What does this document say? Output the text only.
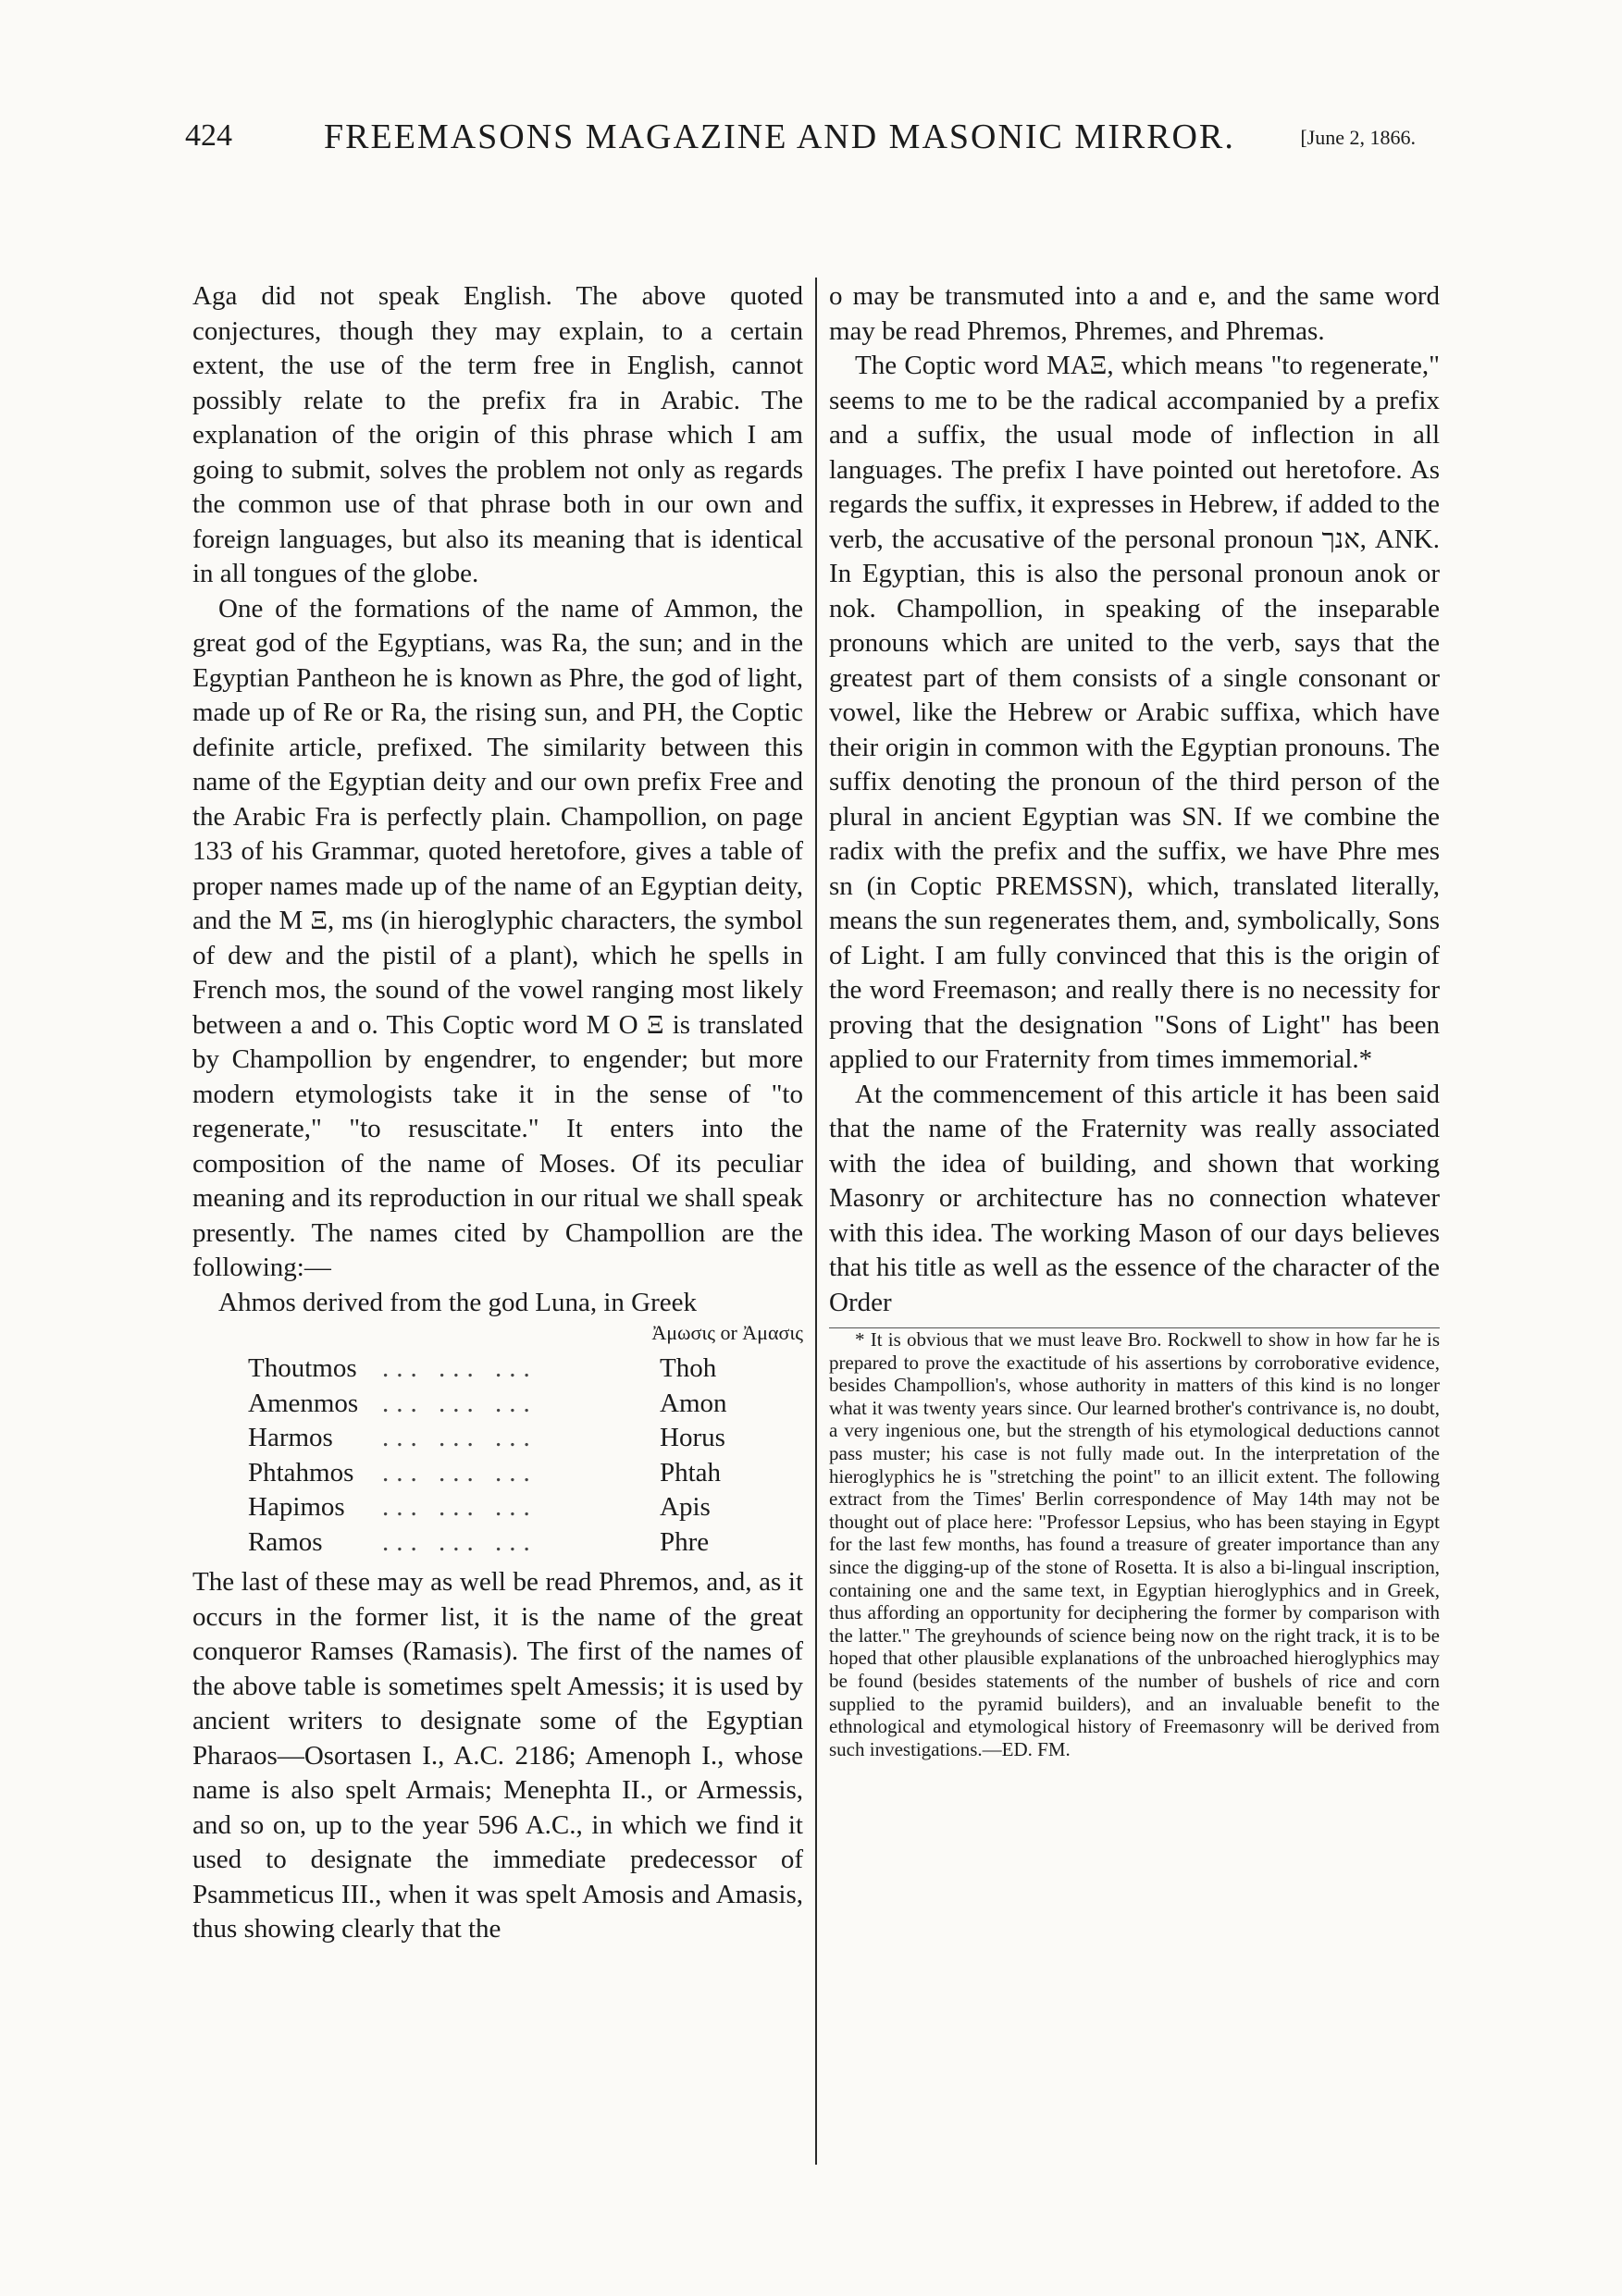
424	FREEMASONS MAGAZINE AND MASONIC MIRROR.	[June 2, 1866.

Aga did not speak English. The above quoted conjectures, though they may explain, to a certain extent, the use of the term free in English, cannot possibly relate to the prefix fra in Arabic. The explanation of the origin of this phrase which I am going to submit, solves the problem not only as regards the common use of that phrase both in our own and foreign languages, but also its meaning that is identical in all tongues of the globe.

One of the formations of the name of Ammon, the great god of the Egyptians, was Ra, the sun; and in the Egyptian Pantheon he is known as Phre, the god of light, made up of Re or Ra, the rising sun, and PH, the Coptic definite article, prefixed. The similarity between this name of the Egyptian deity and our own prefix Free and the Arabic Fra is perfectly plain. Champollion, on page 133 of his Grammar, quoted heretofore, gives a table of proper names made up of the name of an Egyptian deity, and the M Ξ, ms (in hieroglyphic characters, the symbol of dew and the pistil of a plant), which he spells in French mos, the sound of the vowel ranging most likely between a and o. This Coptic word M O Ξ is translated by Champollion by engendrer, to engender; but more modern etymologists take it in the sense of "to regenerate," "to resuscitate." It enters into the composition of the name of Moses. Of its peculiar meaning and its reproduction in our ritual we shall speak presently. The names cited by Champollion are the following:—

Ahmos derived from the god Luna, in Greek

Ἀμωσις or Ἀμασις

Thoutmos	... ... ...	Thoh
Amenmos	... ... ...	Amon
Harmos	... ... ...	Horus
Phtahmos	... ... ...	Phtah
Hapimos	... ... ...	Apis
Ramos	... ... ...	Phre

The last of these may as well be read Phremos, and, as it occurs in the former list, it is the name of the great conqueror Ramses (Ramasis). The first of the names of the above table is sometimes spelt Amessis; it is used by ancient writers to designate some of the Egyptian Pharaos—Osortasen I., A.C. 2186; Amenoph I., whose name is also spelt Armais; Menephta II., or Armessis, and so on, up to the year 596 A.C., in which we find it used to designate the immediate predecessor of Psammeticus III., when it was spelt Amosis and Amasis, thus showing clearly that the

o may be transmuted into a and e, and the same word may be read Phremos, Phremes, and Phremas.

The Coptic word MAΞ, which means "to regenerate," seems to me to be the radical accompanied by a prefix and a suffix, the usual mode of inflection in all languages. The prefix I have pointed out heretofore. As regards the suffix, it expresses in Hebrew, if added to the verb, the accusative of the personal pronoun אנך, ANK. In Egyptian, this is also the personal pronoun anok or nok. Champollion, in speaking of the inseparable pronouns which are united to the verb, says that the greatest part of them consists of a single consonant or vowel, like the Hebrew or Arabic suffixa, which have their origin in common with the Egyptian pronouns. The suffix denoting the pronoun of the third person of the plural in ancient Egyptian was SN. If we combine the radix with the prefix and the suffix, we have Phre mes sn (in Coptic PREMSSN), which, translated literally, means the sun regenerates them, and, symbolically, Sons of Light. I am fully convinced that this is the origin of the word Freemason; and really there is no necessity for proving that the designation "Sons of Light" has been applied to our Fraternity from times immemorial.*

At the commencement of this article it has been said that the name of the Fraternity was really associated with the idea of building, and shown that working Masonry or architecture has no connection whatever with this idea. The working Mason of our days believes that his title as well as the essence of the character of the Order

* It is obvious that we must leave Bro. Rockwell to show in how far he is prepared to prove the exactitude of his assertions by corroborative evidence, besides Champollion's, whose authority in matters of this kind is no longer what it was twenty years since. Our learned brother's contrivance is, no doubt, a very ingenious one, but the strength of his etymological deductions cannot pass muster; his case is not fully made out. In the interpretation of the hieroglyphics he is "stretching the point" to an illicit extent. The following extract from the Times' Berlin correspondence of May 14th may not be thought out of place here: "Professor Lepsius, who has been staying in Egypt for the last few months, has found a treasure of greater importance than any since the digging-up of the stone of Rosetta. It is also a bi-lingual inscription, containing one and the same text, in Egyptian hieroglyphics and in Greek, thus affording an opportunity for deciphering the former by comparison with the latter." The greyhounds of science being now on the right track, it is to be hoped that other plausible explanations of the unbroached hieroglyphics may be found (besides statements of the number of bushels of rice and corn supplied to the pyramid builders), and an invaluable benefit to the ethnological and etymological history of Freemasonry will be derived from such investigations.—ED. FM.
